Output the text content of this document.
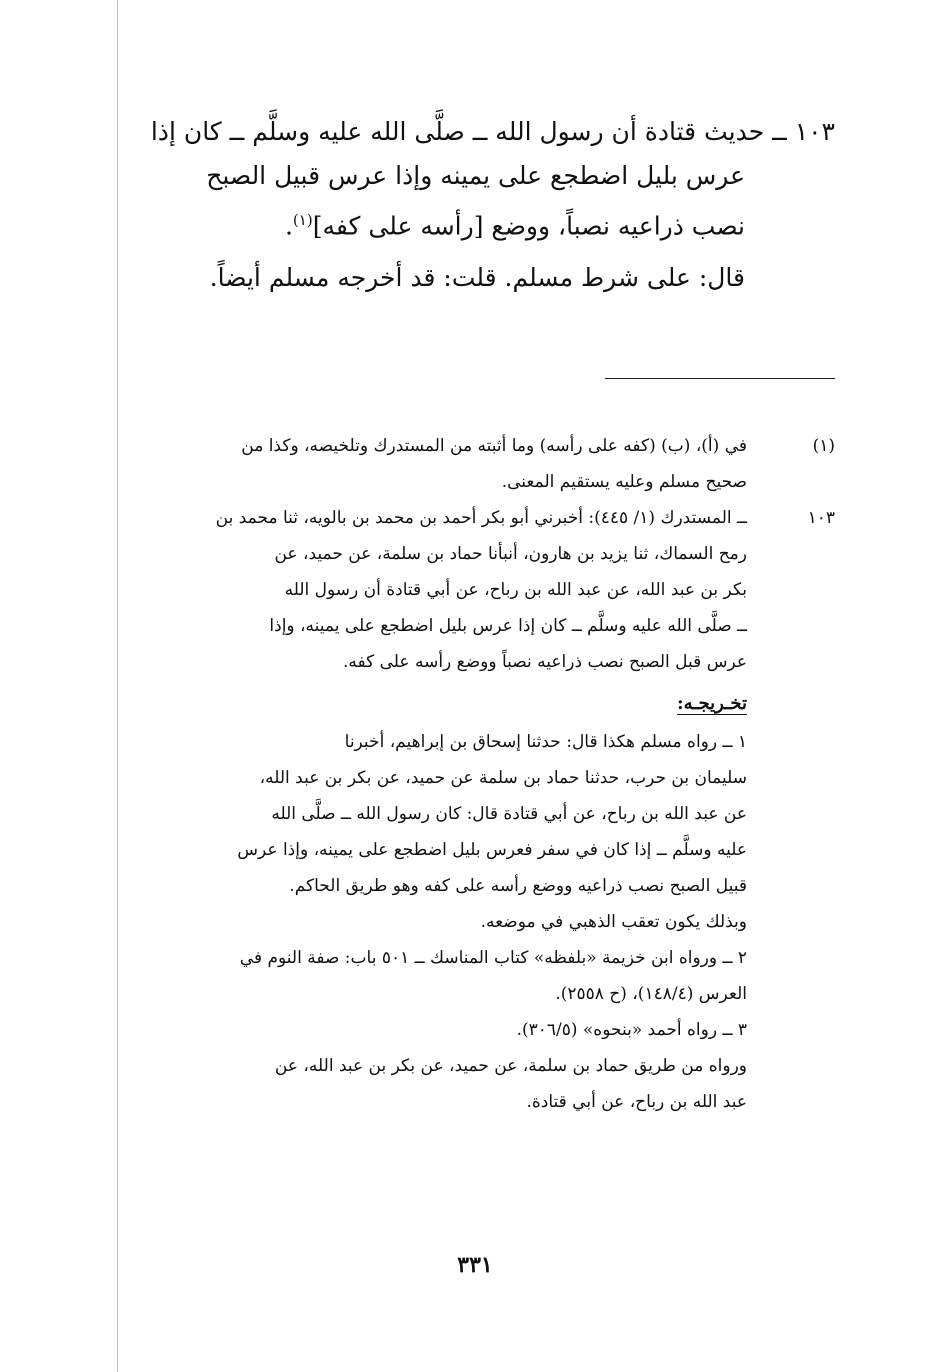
١٠٣ ــ حديث قتادة أن رسول الله ــ صلَّى الله عليه وسلَّم ــ كان إذا
عرس بليل اضطجع على يمينه وإذا عرس قبيل الصبح
نصب ذراعيه نصباً، ووضع [رأسه على كفه]$^{(١)}$.
قال: على شرط مسلم. قلت: قد أخرجه مسلم أيضاً.
(١)
في (أ)، (ب) (كفه على رأسه) وما أثبته من المستدرك وتلخيصه، وكذا من
صحيح مسلم وعليه يستقيم المعنى.
١٠٣
ــ المستدرك (١/ ٤٤٥): أخبرني أبو بكر أحمد بن محمد بن بالويه، ثنا محمد بن
رمح السماك، ثنا يزيد بن هارون، أنبأنا حماد بن سلمة، عن حميد، عن
بكر بن عبد الله، عن عبد الله بن رباح، عن أبي قتادة أن رسول الله
ــ صلَّى الله عليه وسلَّم ــ كان إذا عرس بليل اضطجع على يمينه، وإذا
عرس قبل الصبح نصب ذراعيه نصباً ووضع رأسه على كفه.
تخـريجـه:
١ ــ رواه مسلم هكذا قال: حدثنا إسحاق بن إبراهيم، أخبرنا
سليمان بن حرب، حدثنا حماد بن سلمة عن حميد، عن بكر بن عبد الله،
عن عبد الله بن رباح، عن أبي قتادة قال: كان رسول الله ــ صلَّى الله
عليه وسلَّم ــ إذا كان في سفر فعرس بليل اضطجع على يمينه، وإذا عرس
قبيل الصبح نصب ذراعيه ووضع رأسه على كفه وهو طريق الحاكم.
وبذلك يكون تعقب الذهبي في موضعه.
٢ ــ ورواه ابن خزيمة «بلفظه» كتاب المناسك ــ ٥٠١ باب: صفة النوم في
العرس (١٤٨/٤)، (ح ٢٥٥٨).
٣ ــ رواه أحمد «بنحوه» (٣٠٦/٥).
ورواه من طريق حماد بن سلمة، عن حميد، عن بكر بن عبد الله، عن
عبد الله بن رباح، عن أبي قتادة.
٣٣١
